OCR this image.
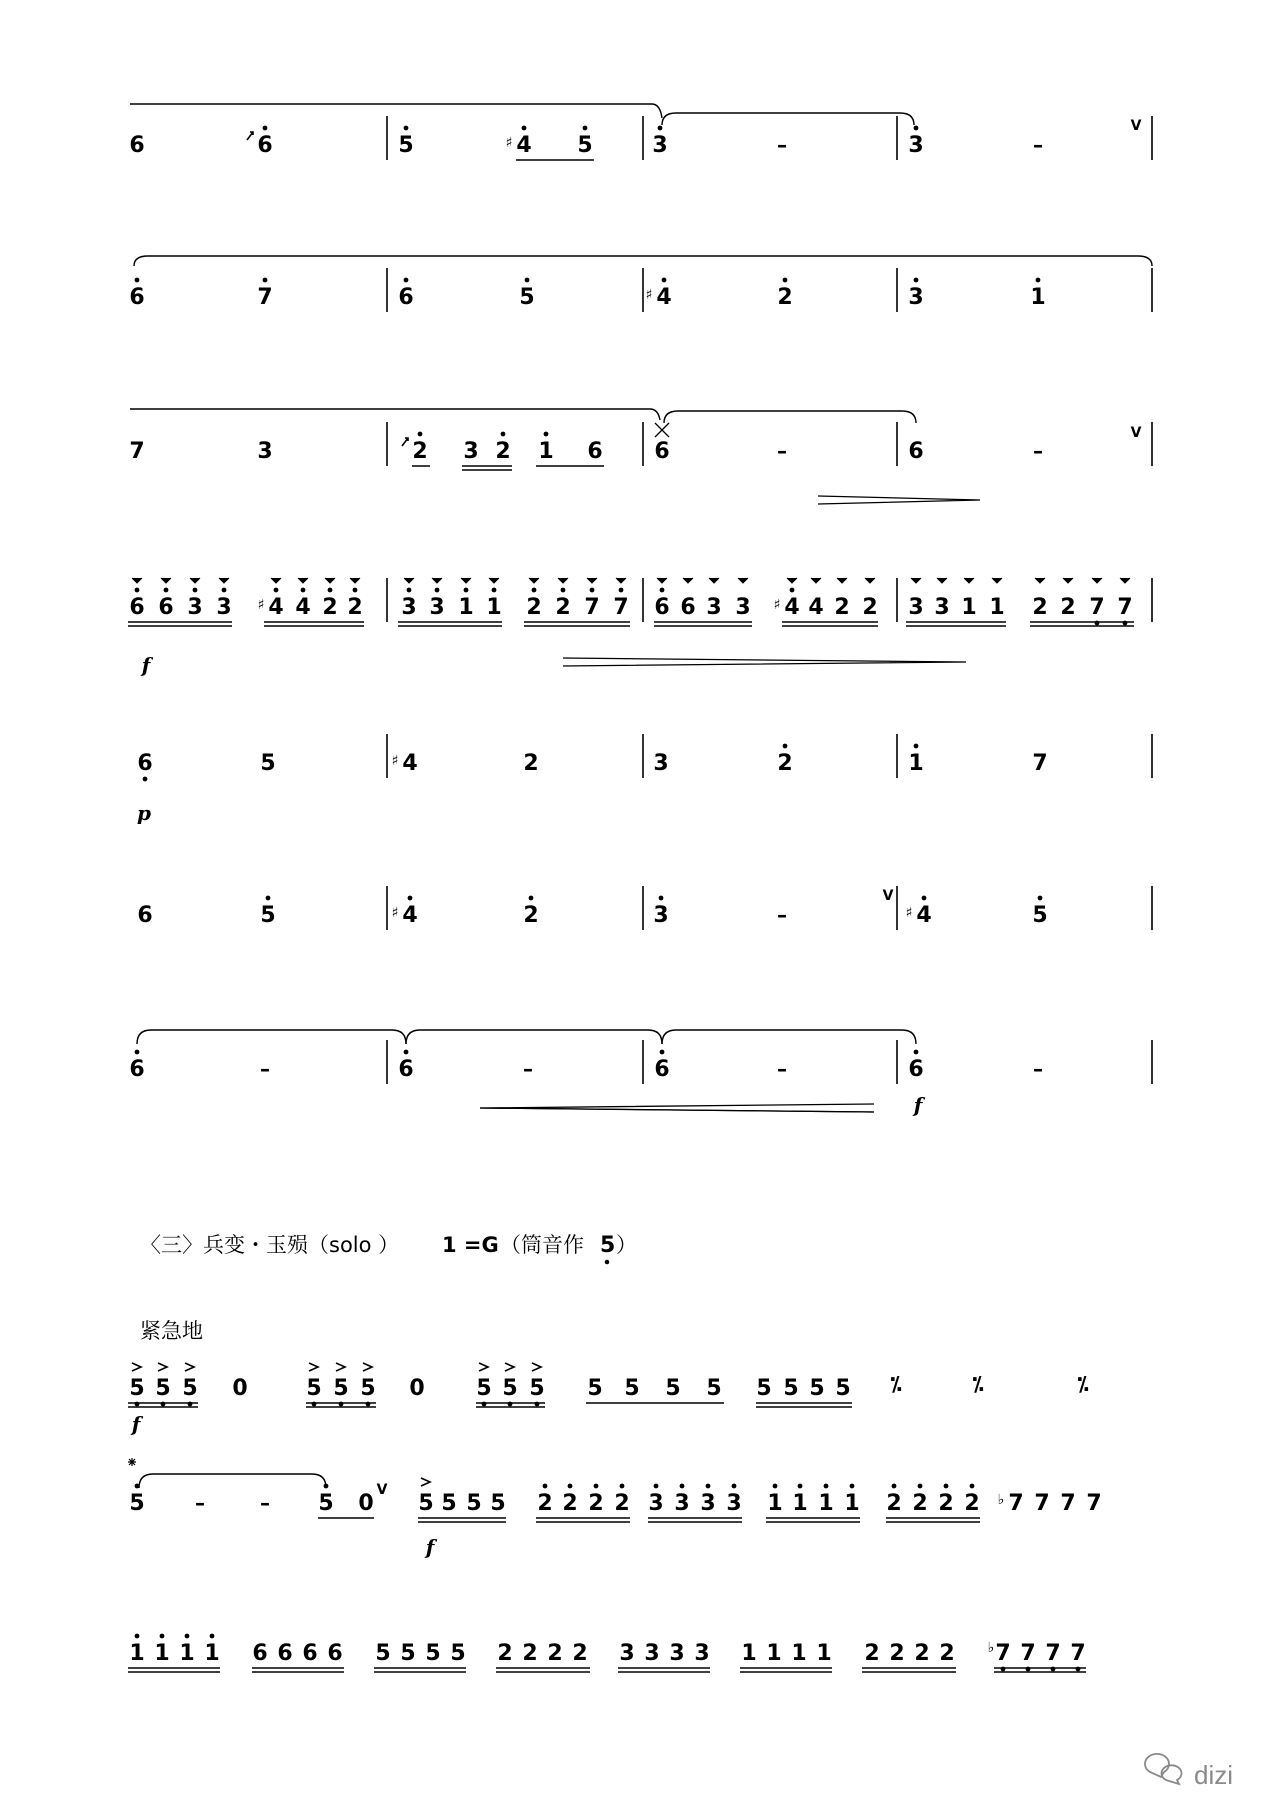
6	6	5	4
♯	5	3	–	3	–
V
6	7	6	5	4
♯	2	3	1
7	3	2 3 2 1 6 6	–	6	–
V
6 6 3 3 4
♯ 4 2 2 3 3 1 1 2 2 7 7 6 6 3 3 4
♯ 4 2 2 3 3 1 1 2 2 7 7
f
6	5	4
♯	2	3	2	1	7
p
6	5	4
♯	2	3	–
V
4
♯	5
6	–	6	–	6	–	6	–
f
〈三〉兵变・玉殒（solo ） 1 =G （筒音作 5 ）
紧急地
5 5 5 0	5 5 5 0 5 5 5 5 5 5 5 5 5 5 5 ⁒	⁒	⁒
f
5	–	– 5 0
V
5 5 5 5 2 2 2 2 3 3 3 3 1 1 1 1 2 2 2 2 7
♭ 7 7 7
f
1 1 1 1 6 6 6 6 5 5 5 5 2 2 2 2 3 3 3 3 1 1 1 1 2 2 2 2 7 7 7 7
♭
dizi
